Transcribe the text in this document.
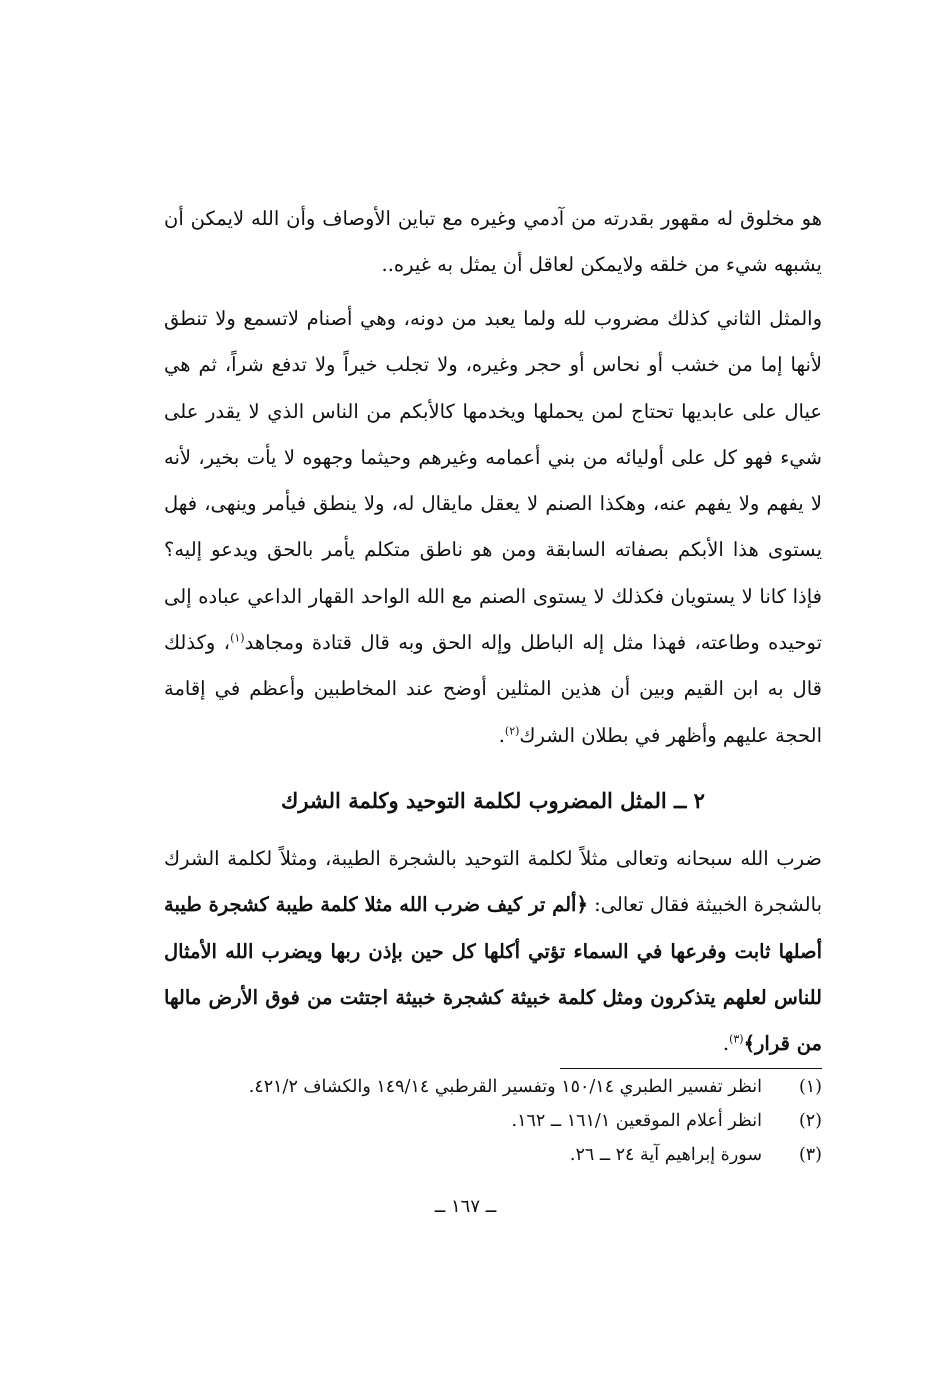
هو مخلوق له مقهور بقدرته من آدمي وغيره مع تباين الأوصاف وأن الله لايمكن أن يشبهه شيء من خلقه ولايمكن لعاقل أن يمثل به غيره..

والمثل الثاني كذلك مضروب لله ولما يعبد من دونه، وهي أصنام لاتسمع ولا تنطق لأنها إما من خشب أو نحاس أو حجر وغيره، ولا تجلب خيراً ولا تدفع شراً، ثم هي عيال على عابديها تحتاج لمن يحملها ويخدمها كالأبكم من الناس الذي لا يقدر على شيء فهو كل على أوليائه من بني أعمامه وغيرهم وحيثما وجهوه لا يأت بخير، لأنه لا يفهم ولا يفهم عنه، وهكذا الصنم لا يعقل مايقال له، ولا ينطق فيأمر وينهى، فهل يستوى هذا الأبكم بصفاته السابقة ومن هو ناطق متكلم يأمر بالحق ويدعو إليه؟ فإذا كانا لا يستويان فكذلك لا يستوى الصنم مع الله الواحد القهار الداعي عباده إلى توحيده وطاعته، فهذا مثل إله الباطل وإله الحق وبه قال قتادة ومجاهد$^{(١)}$، وكذلك قال به ابن القيم وبين أن هذين المثلين أوضح عند المخاطبين وأعظم في إقامة الحجة عليهم وأظهر في بطلان الشرك$^{(٢)}$.

٢ ــ المثل المضروب لكلمة التوحيد وكلمة الشرك

ضرب الله سبحانه وتعالى مثلاً لكلمة التوحيد بالشجرة الطيبة، ومثلاً لكلمة الشرك بالشجرة الخبيثة فقال تعالى: ﴿ألم تر كيف ضرب الله مثلا كلمة طيبة كشجرة طيبة أصلها ثابت وفرعها في السماء تؤتي أكلها كل حين بإذن ربها ويضرب الله الأمثال للناس لعلهم يتذكرون ومثل كلمة خبيثة كشجرة خبيثة اجتثت من فوق الأرض مالها من قرار﴾$^{(٣)}$.

(١)
انظر تفسير الطبري ١٥٠/١٤ وتفسير القرطبي ١٤٩/١٤ والكشاف ٤٢١/٢.
(٢)
انظر أعلام الموقعين ١٦١/١ ــ ١٦٢.
(٣)
سورة إبراهيم آية ٢٤ ــ ٢٦.
ــ ١٦٧ ــ
